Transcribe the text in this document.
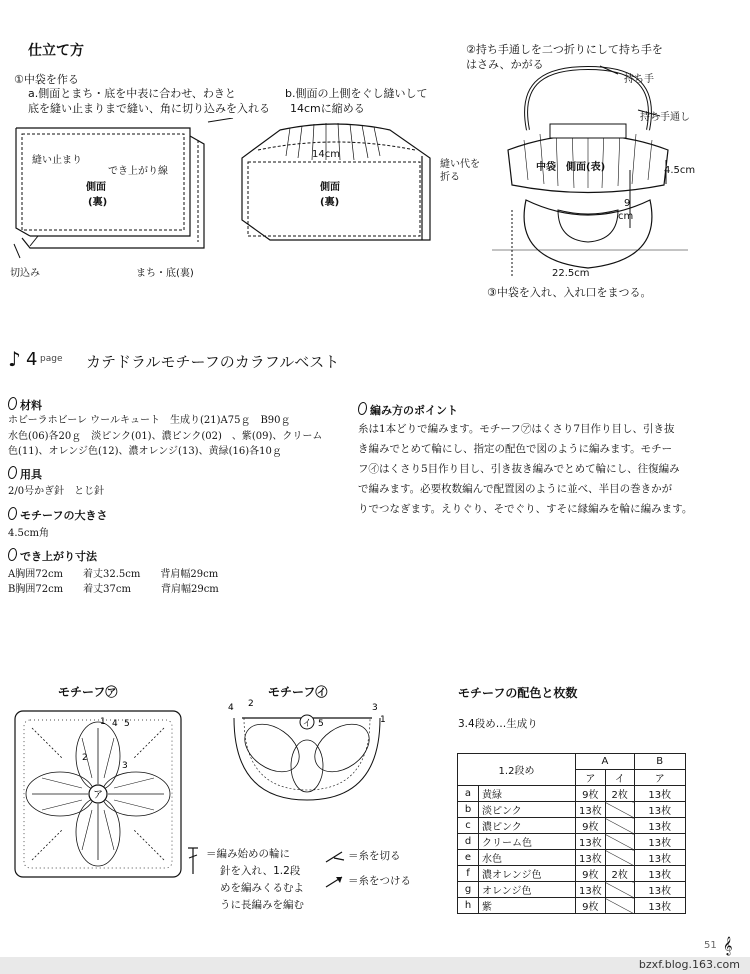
仕立て方
①中袋を作る
a.側面とまち・底を中表に合わせ、わきと
底を縫い止まりまで縫い、角に切り込みを入れる
b.側面の上側をぐし縫いして
14cmに縮める
②持ち手通しを二つ折りにして持ち手を
はさみ、かがる
③中袋を入れ、入れ口をまつる。
縫い止まり
でき上がり線
側面
(裏)
切込み	まち・底(裏)
14cm
側面
(裏)
縫い代を
折る
持ち手
持ち手通し
中袋　側面(表)	4.5cm
9
cm
22.5cm
♪ 4 page カテドラルモチーフのカラフルベスト
材料
ホビーラホビーレ ウールキュート　生成り(21)A75ｇ　B90ｇ
水色(06)各20ｇ　淡ピンク(01)、濃ピンク(02)　、紫(09)、クリーム
色(11)、オレンジ色(12)、濃オレンジ(13)、黄緑(16)各10ｇ
用具
2/0号かぎ針　とじ針
モチーフの大きさ
4.5cm角
でき上がり寸法
A胸囲72cm　　着丈32.5cm　　背肩幅29cm
B胸囲72cm　　着丈37cm　　　背肩幅29cm
編み方のポイント
糸は1本どりで編みます。モチーフ㋐はくさり7目作り目し、引き抜
き編みでとめて輪にし、指定の配色で図のように編みます。モチー
フ㋑はくさり5目作り目し、引き抜き編みでとめて輪にし、往復編み
で編みます。必要枚数編んで配置図のように並べ、半目の巻きかが
りでつなぎます。えりぐり、そでぐり、すそに縁編みを輪に編みます。
モチーフ㋐
ア
1
2
3
4 5
モチーフ㋑
イ
4 2	3
1
5
＝編み始めの輪に
針を入れ、1.2段
めを編みくるむよ
うに長編みを編む
＝糸を切る
＝糸をつける
モチーフの配色と枚数
3.4段め…生成り
1.2段め		A		B
		ア	イ	ア
a	黄緑	9枚	2枚	13枚
b	淡ピンク	13枚		13枚
c	濃ピンク	9枚		13枚
d	クリーム色	13枚		13枚
e	水色	13枚		13枚
f	濃オレンジ色	9枚	2枚	13枚
g	オレンジ色	13枚		13枚
h	紫	9枚		13枚
51 𝄞
bzxf.blog.163.com
